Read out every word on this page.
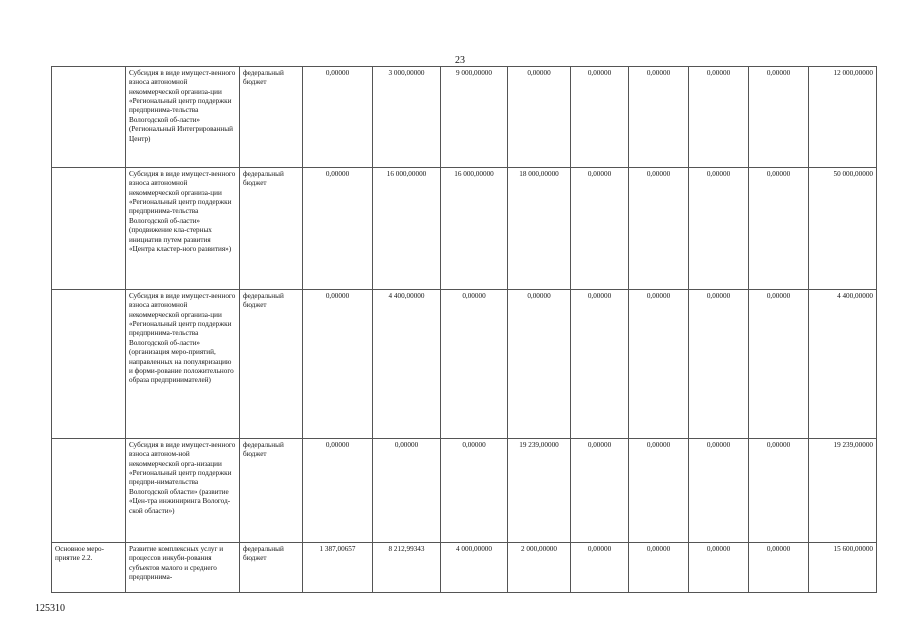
23
	Субсидия в виде имущест-венного взноса автономной некоммерческой организа-ции «Региональный центр поддержки предпринима-тельства Вологодской об-ласти» (Региональный Интегрированный Центр)	федеральный бюджет	0,00000	3 000,00000	9 000,00000	0,00000	0,00000	0,00000	0,00000	0,00000	12 000,00000
	Субсидия в виде имущест-венного взноса автономной некоммерческой организа-ции «Региональный центр поддержки предпринима-тельства Вологодской об-ласти» (продвижение кла-стерных инициатив путем развития «Центра кластер-ного развития»)	федеральный бюджет	0,00000	16 000,00000	16 000,00000	18 000,00000	0,00000	0,00000	0,00000	0,00000	50 000,00000
	Субсидия в виде имущест-венного взноса автономной некоммерческой организа-ции «Региональный центр поддержки предпринима-тельства Вологодской об-ласти» (организация меро-приятий, направленных на популяризацию и форми-рование положительного образа предпринимателей)	федеральный бюджет	0,00000	4 400,00000	0,00000	0,00000	0,00000	0,00000	0,00000	0,00000	4 400,00000
	Субсидия в виде имущест-венного взноса автоном-ной некоммерческой орга-низации «Региональный центр поддержки предпри-нимательства Вологодской области» (развитие «Цен-тра инжиниринга Вологод-ской области»)	федеральный бюджет	0,00000	0,00000	0,00000	19 239,00000	0,00000	0,00000	0,00000	0,00000	19 239,00000
Основное меро-приятие 2.2.	Развитие комплексных услуг и процессов инкуби-рования субъектов малого и среднего предпринима-	федеральный бюджет	1 387,00657	8 212,99343	4 000,00000	2 000,00000	0,00000	0,00000	0,00000	0,00000	15 600,00000
125310
